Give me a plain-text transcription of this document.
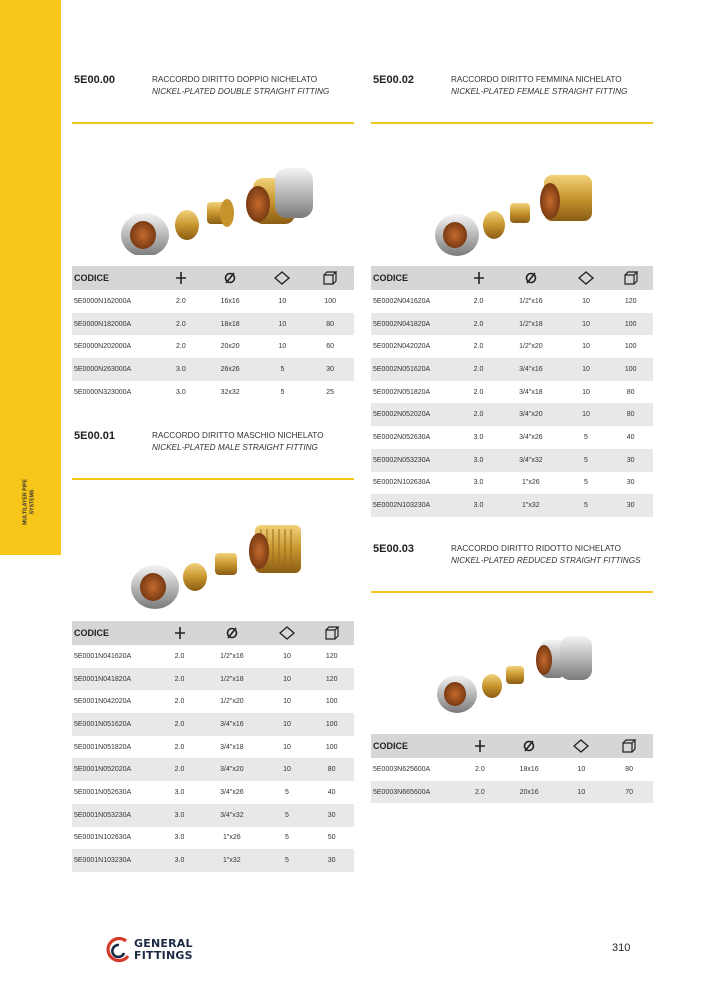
MULTILAYER PIPE SYSTEMS
5E00.00	RACCORDO DIRITTO DOPPIO NICHELATO
NICKEL-PLATED DOUBLE STRAIGHT FITTING
CODICE				
5E0000N162000A	2.0	16x16	10	100
5E0000N182000A	2.0	18x18	10	80
5E0000N202000A	2.0	20x20	10	60
5E0000N263000A	3.0	26x26	5	30
5E0000N323000A	3.0	32x32	5	25
5E00.02	RACCORDO DIRITTO FEMMINA NICHELATO
NICKEL-PLATED FEMALE STRAIGHT FITTING
CODICE				
5E0002N041620A	2.0	1/2"x16	10	120
5E0002N041820A	2.0	1/2"x18	10	100
5E0002N042020A	2.0	1/2"x20	10	100
5E0002N051620A	2.0	3/4"x16	10	100
5E0002N051820A	2.0	3/4"x18	10	80
5E0002N052020A	2.0	3/4"x20	10	80
5E0002N052630A	3.0	3/4"x26	5	40
5E0002N053230A	3.0	3/4"x32	5	30
5E0002N102630A	3.0	1"x26	5	30
5E0002N103230A	3.0	1"x32	5	30
5E00.01	RACCORDO DIRITTO MASCHIO NICHELATO
NICKEL-PLATED MALE STRAIGHT FITTING
CODICE				
5E0001N041620A	2.0	1/2"x16	10	120
5E0001N041820A	2.0	1/2"x18	10	120
5E0001N042020A	2.0	1/2"x20	10	100
5E0001N051620A	2.0	3/4"x16	10	100
5E0001N051820A	2.0	3/4"x18	10	100
5E0001N052020A	2.0	3/4"x20	10	80
5E0001N052630A	3.0	3/4"x26	5	40
5E0001N053230A	3.0	3/4"x32	5	30
5E0001N102630A	3.0	1"x26	5	50
5E0001N103230A	3.0	1"x32	5	30
5E00.03	RACCORDO DIRITTO RIDOTTO NICHELATO
NICKEL-PLATED REDUCED STRAIGHT FITTINGS
CODICE				
5E0003N625600A	2.0	18x16	10	80
5E0003N665600A	2.0	20x16	10	70
GENERAL
FITTINGS
310
